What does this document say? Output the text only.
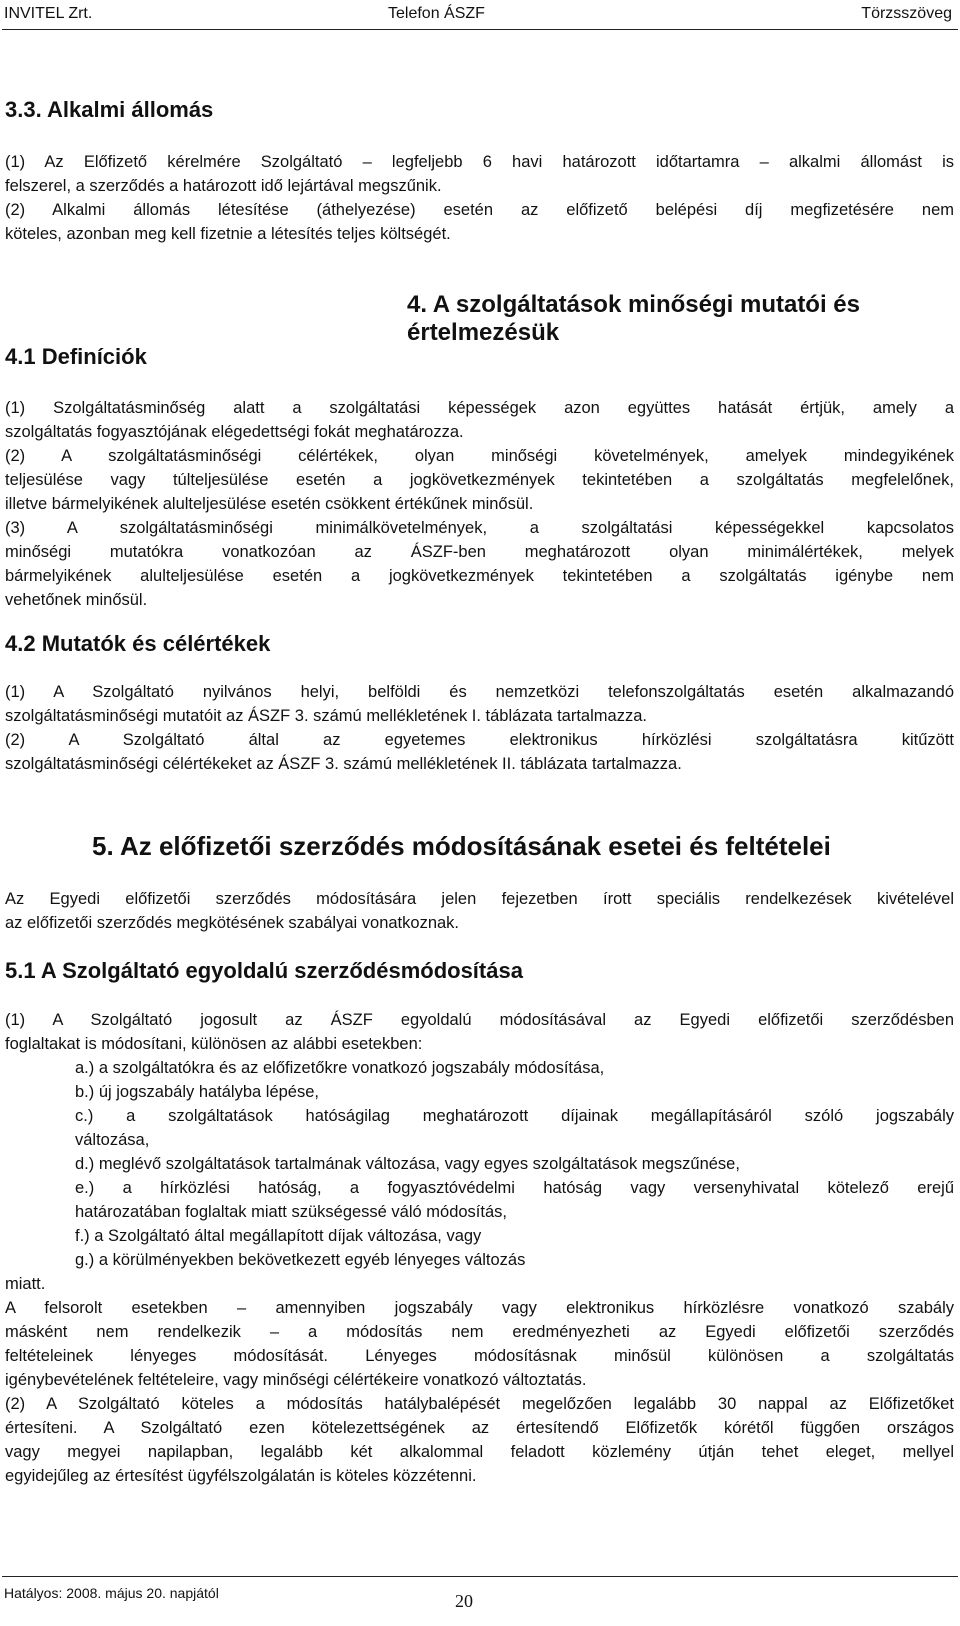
INVITEL Zrt.	Telefon ÁSZF	Törzsszöveg
3.3. Alkalmi állomás

(1) Az Előfizető kérelmére Szolgáltató – legfeljebb 6 havi határozott időtartamra – alkalmi állomást is

felszerel, a szerződés a határozott idő lejártával megszűnik.

(2) Alkalmi állomás létesítése (áthelyezése) esetén az előfizető belépési díj megfizetésére nem

köteles, azonban meg kell fizetnie a létesítés teljes költségét.

4. A szolgáltatások minőségi mutatói és értelmezésük
4.1 Definíciók

(1) Szolgáltatásminőség alatt a szolgáltatási képességek azon együttes hatását értjük, amely a

szolgáltatás fogyasztójának elégedettségi fokát meghatározza.

(2) A szolgáltatásminőségi célértékek, olyan minőségi követelmények, amelyek mindegyikének

teljesülése vagy túlteljesülése esetén a jogkövetkezmények tekintetében a szolgáltatás megfelelőnek,

illetve bármelyikének alulteljesülése esetén csökkent értékűnek minősül.

(3) A szolgáltatásminőségi minimálkövetelmények, a szolgáltatási képességekkel kapcsolatos

minőségi mutatókra vonatkozóan az ÁSZF-ben meghatározott olyan minimálértékek, melyek

bármelyikének alulteljesülése esetén a jogkövetkezmények tekintetében a szolgáltatás igénybe nem

vehetőnek minősül.

4.2 Mutatók és célértékek

(1) A Szolgáltató nyilvános helyi, belföldi és nemzetközi telefonszolgáltatás esetén alkalmazandó

szolgáltatásminőségi mutatóit az ÁSZF 3. számú mellékletének I. táblázata tartalmazza.

(2) A Szolgáltató által az egyetemes elektronikus hírközlési szolgáltatásra kitűzött

szolgáltatásminőségi célértékeket az ÁSZF 3. számú mellékletének II. táblázata tartalmazza.

5. Az előfizetői szerződés módosításának esetei és feltételei

Az Egyedi előfizetői szerződés módosítására jelen fejezetben írott speciális rendelkezések kivételével

az előfizetői szerződés megkötésének szabályai vonatkoznak.

5.1 A Szolgáltató egyoldalú szerződésmódosítása

(1) A Szolgáltató jogosult az ÁSZF egyoldalú módosításával az Egyedi előfizetői szerződésben

foglaltakat is módosítani, különösen az alábbi esetekben:

a.) a szolgáltatókra és az előfizetőkre vonatkozó jogszabály módosítása,

b.) új jogszabály hatályba lépése,

c.) a szolgáltatások hatóságilag meghatározott díjainak megállapításáról szóló jogszabály

változása,

d.) meglévő szolgáltatások tartalmának változása, vagy egyes szolgáltatások megszűnése,

e.) a hírközlési hatóság, a fogyasztóvédelmi hatóság vagy versenyhivatal kötelező erejű

határozatában foglaltak miatt szükségessé váló módosítás,

f.) a Szolgáltató által megállapított díjak változása, vagy

g.) a körülményekben bekövetkezett egyéb lényeges változás

miatt.

A felsorolt esetekben – amennyiben jogszabály vagy elektronikus hírközlésre vonatkozó szabály

másként nem rendelkezik – a módosítás nem eredményezheti az Egyedi előfizetői szerződés

feltételeinek lényeges módosítását. Lényeges módosításnak minősül különösen a szolgáltatás

igénybevételének feltételeire, vagy minőségi célértékeire vonatkozó változtatás.

(2) A Szolgáltató köteles a módosítás hatálybalépését megelőzően legalább 30 nappal az Előfizetőket

értesíteni. A Szolgáltató ezen kötelezettségének az értesítendő Előfizetők kórétől függően országos

vagy megyei napilapban, legalább két alkalommal feladott közlemény útján tehet eleget, mellyel

egyidejűleg az értesítést ügyfélszolgálatán is köteles közzétenni.

Hatályos: 2008. május 20. napjától	20
